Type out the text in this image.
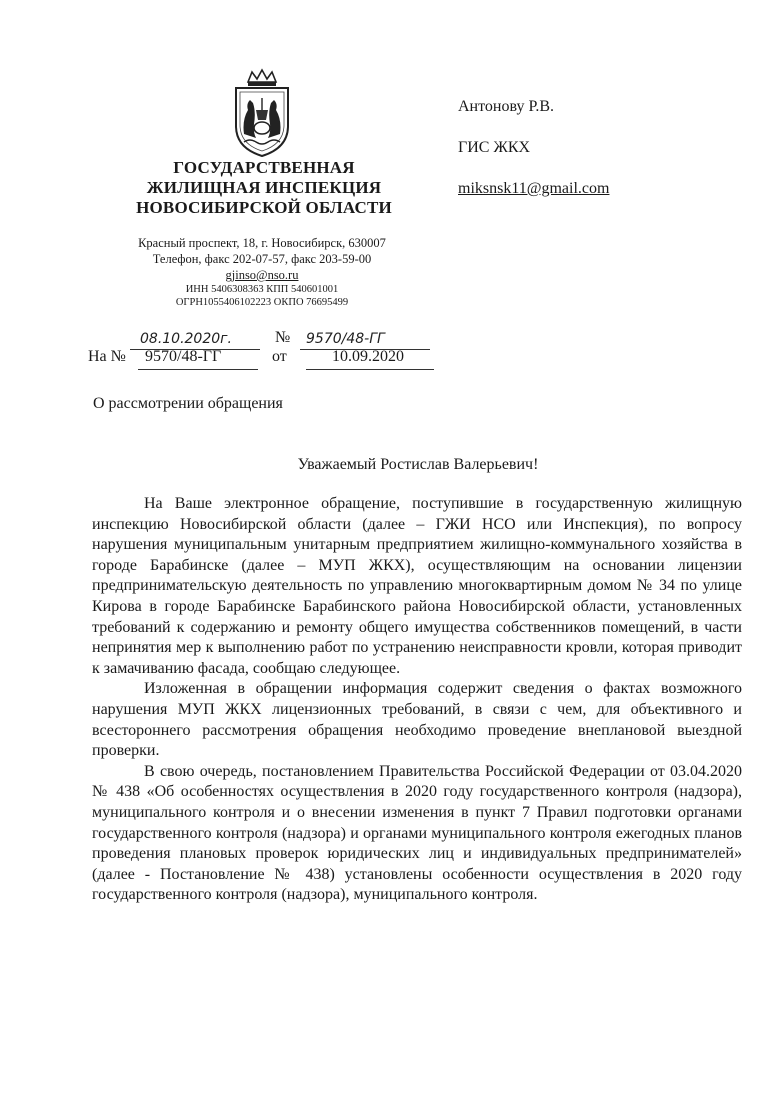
ГОСУДАРСТВЕННАЯ
ЖИЛИЩНАЯ ИНСПЕКЦИЯ
НОВОСИБИРСКОЙ ОБЛАСТИ
Красный проспект, 18, г. Новосибирск, 630007
Телефон, факс 202-07-57, факс 203-59-00
gjinso@nso.ru
ИНН 5406308363 КПП 540601001
ОГРН1055406102223 ОКПО 76695499
Антонову Р.В.
ГИС ЖКХ
miksnsk11@gmail.com
08.10.2020г.	№ 9570/48-ГГ
На № 9570/48-ГГ	от	10.09.2020
О рассмотрении обращения
Уважаемый Ростислав Валерьевич!

На Ваше электронное обращение, поступившие в государственную жилищную инспекцию Новосибирской области (далее – ГЖИ НСО или Инспекция), по вопросу нарушения муниципальным унитарным предприятием жилищно-коммунального хозяйства в городе Барабинске (далее – МУП ЖКХ), осуществляющим на основании лицензии предпринимательскую деятельность по управлению многоквартирным домом № 34 по улице Кирова в городе Барабинске Барабинского района Новосибирской области, установленных требований к содержанию и ремонту общего имущества собственников помещений, в части непринятия мер к выполнению работ по устранению неисправности кровли, которая приводит к замачиванию фасада, сообщаю следующее.

Изложенная в обращении информация содержит сведения о фактах возможного нарушения МУП ЖКХ лицензионных требований, в связи с чем, для объективного и всестороннего рассмотрения обращения необходимо проведение внеплановой выездной проверки.

В свою очередь, постановлением Правительства Российской Федерации от 03.04.2020 № 438 «Об особенностях осуществления в 2020 году государственного контроля (надзора), муниципального контроля и о внесении изменения в пункт 7 Правил подготовки органами государственного контроля (надзора) и органами муниципального контроля ежегодных планов проведения плановых проверок юридических лиц и индивидуальных предпринимателей» (далее - Постановление № 438) установлены особенности осуществления в 2020 году государственного контроля (надзора), муниципального контроля.
